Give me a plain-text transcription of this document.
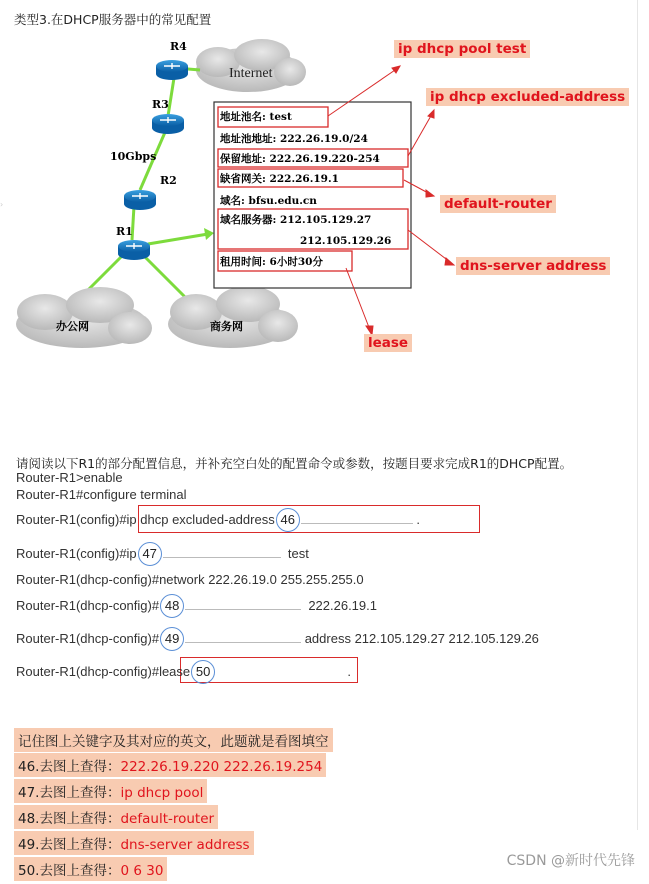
›
类型3.在DHCP服务器中的常见配置
Internet
R4
R3
10Gbps
R2
R1
办公网	商务网
地址池名: test
地址池地址: 222.26.19.0/24
保留地址: 222.26.19.220-254
缺省网关: 222.26.19.1
域名: bfsu.edu.cn
域名服务器: 212.105.129.27
212.105.129.26
租用时间: 6小时30分
ip dhcp pool test
ip dhcp excluded-address
default-router
dns-server address
lease
请阅读以下R1的部分配置信息，并补充空白处的配置命令或参数，按题目要求完成R1的DHCP配置。
Router-R1>enable
Router-R1#configure terminal
Router-R1(config)#ip dhcp excluded-address 46	.
Router-R1(config)#ip 47	test
Router-R1(dhcp-config)#network 222.26.19.0 255.255.255.0
Router-R1(dhcp-config)# 48	222.26.19.1
Router-R1(dhcp-config)# 49	address 212.105.129.27 212.105.129.26
Router-R1(dhcp-config)#lease 50	.
记住图上关键字及其对应的英文，此题就是看图填空
46.去图上查得：222.26.19.220 222.26.19.254
47.去图上查得：ip dhcp pool
48.去图上查得：default-router
49.去图上查得：dns-server address
50.去图上查得：0 6 30
CSDN @新时代先锋
